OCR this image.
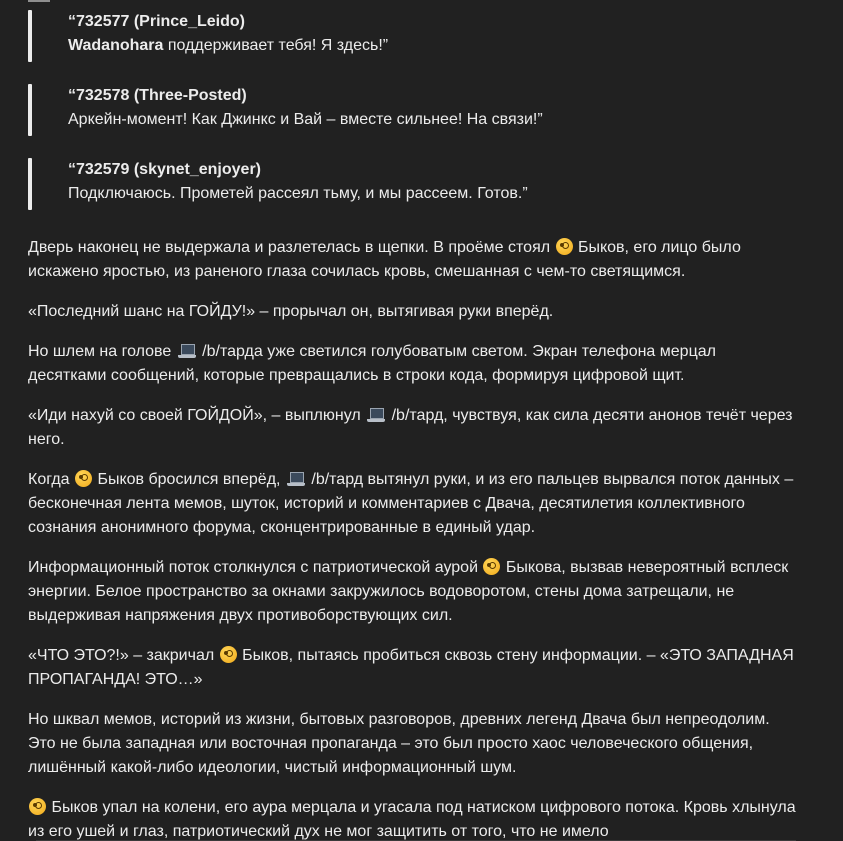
“732577 (Prince_Leido)
Wadanohara поддерживает тебя! Я здесь!”
“732578 (Three-Posted)
Аркейн-момент! Как Джинкс и Вай – вместе сильнее! На связи!”
“732579 (skynet_enjoyer)
Подключаюсь. Прометей рассеял тьму, и мы рассеем. Готов.”

Дверь наконец не выдержала и разлетелась в щепки. В проёме стоял  Быков, его лицо было искажено яростью, из раненого глаза сочилась кровь, смешанная с чем-то светящимся.

«Последний шанс на ГОЙДУ!» – прорычал он, вытягивая руки вперёд.

Но шлем на голове  /b/тарда уже светился голубоватым светом. Экран телефона мерцал десятками сообщений, которые превращались в строки кода, формируя цифровой щит.

«Иди нахуй со своей ГОЙДОЙ», – выплюнул  /b/тард, чувствуя, как сила десяти анонов течёт через него.

Когда  Быков бросился вперёд,  /b/тард вытянул руки, и из его пальцев вырвался поток данных – бесконечная лента мемов, шуток, историй и комментариев с Двача, десятилетия коллективного сознания анонимного форума, сконцентрированные в единый удар.

Информационный поток столкнулся с патриотической аурой  Быкова, вызвав невероятный всплеск энергии. Белое пространство за окнами закружилось водоворотом, стены дома затрещали, не выдерживая напряжения двух противоборствующих сил.

«ЧТО ЭТО?!» – закричал  Быков, пытаясь пробиться сквозь стену информации. – «ЭТО ЗАПАДНАЯ ПРОПАГАНДА! ЭТО…»

Но шквал мемов, историй из жизни, бытовых разговоров, древних легенд Двача был непреодолим. Это не была западная или восточная пропаганда – это был просто хаос человеческого общения, лишённый какой-либо идеологии, чистый информационный шум.

Быков упал на колени, его аура мерцала и угасала под натиском цифрового потока. Кровь хлынула из его ушей и глаз, патриотический дух не мог защитить от того, что не имело
